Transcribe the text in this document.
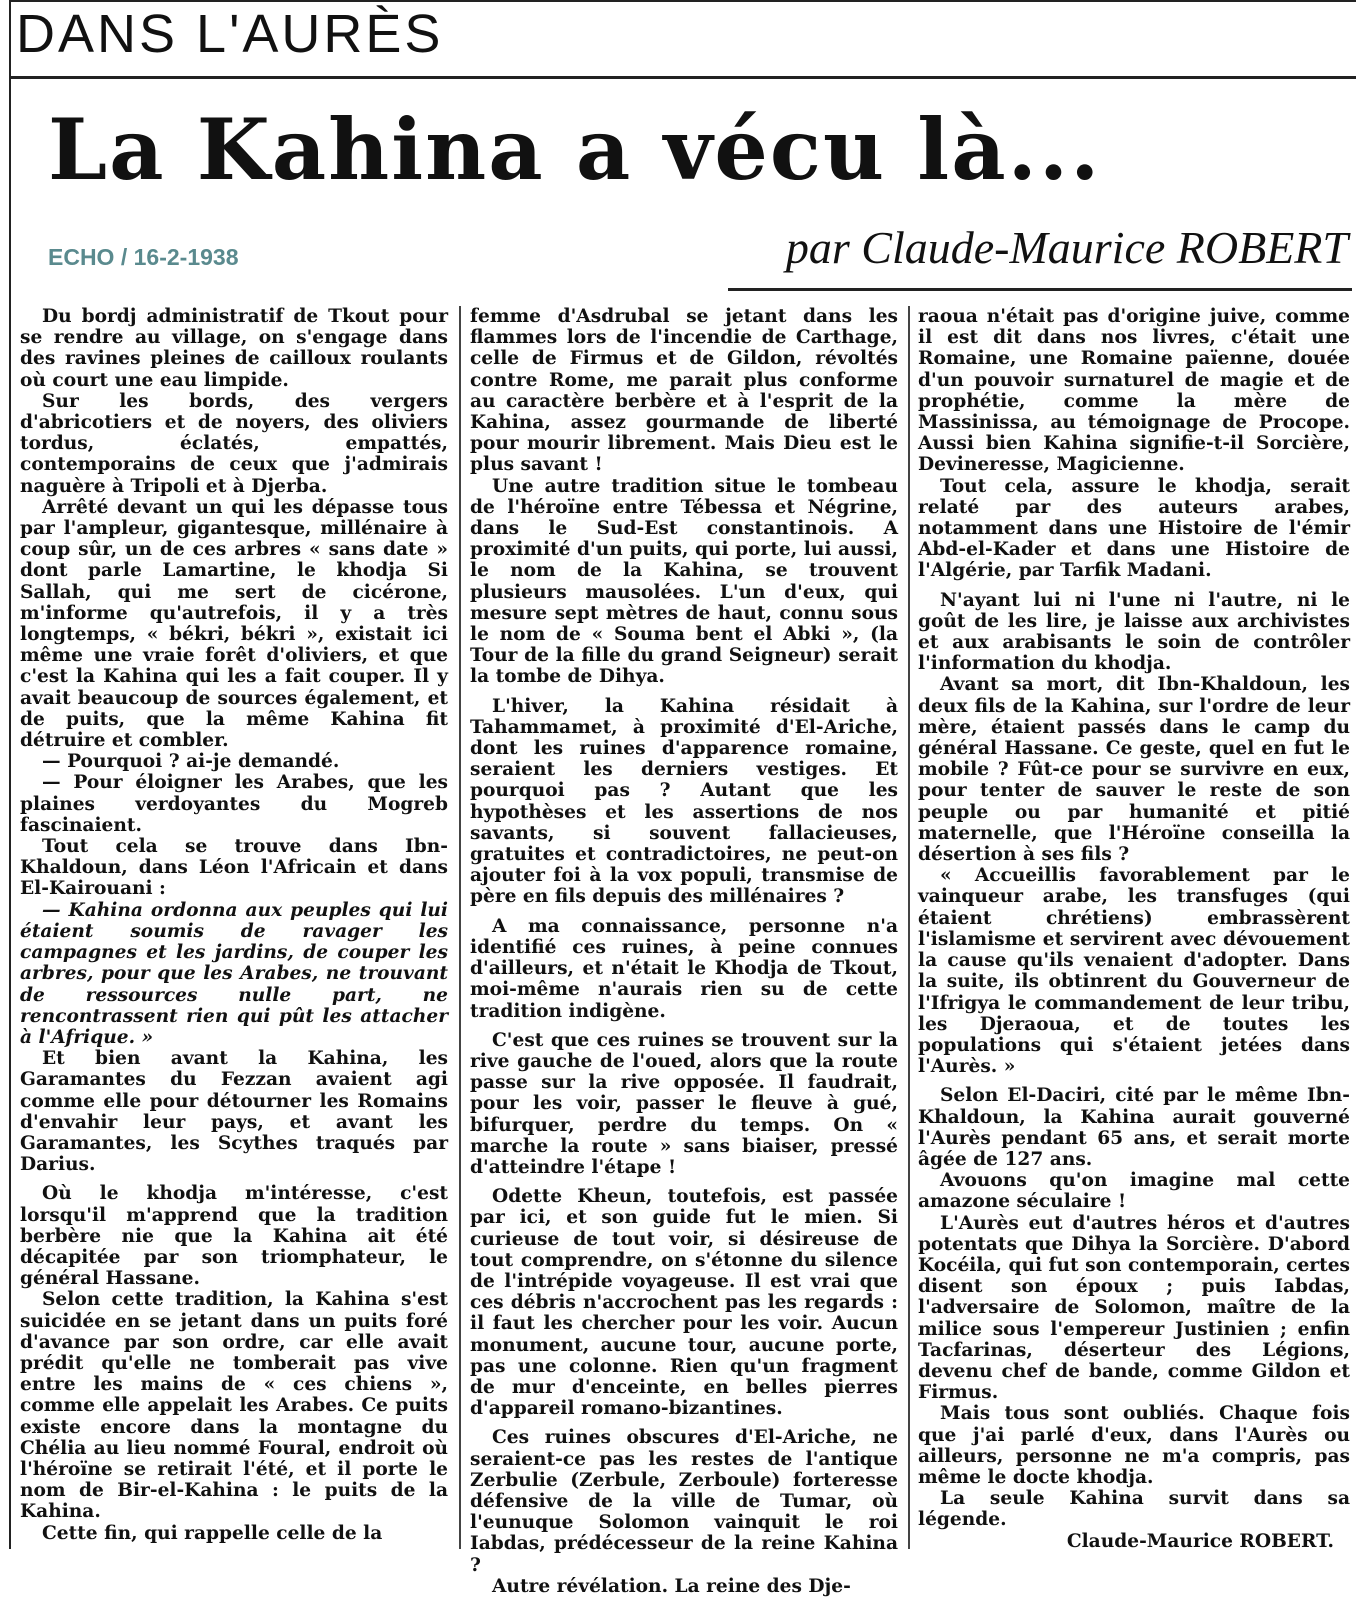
DANS L'AURÈS
La Kahina a vécu là...
ECHO / 16-2-1938	par Claude-Maurice ROBERT

Du bordj administratif de Tkout pour se rendre au village, on s'engage dans des ravines pleines de cailloux roulants où court une eau limpide.

Sur les bords, des vergers d'abricotiers et de noyers, des oliviers tordus, éclatés, empattés, contemporains de ceux que j'admirais naguère à Tripoli et à Djerba.

Arrêté devant un qui les dépasse tous par l'ampleur, gigantesque, millénaire à coup sûr, un de ces arbres « sans date » dont parle Lamartine, le khodja Si Sallah, qui me sert de cicérone, m'informe qu'autrefois, il y a très longtemps, « békri, békri », existait ici même une vraie forêt d'oliviers, et que c'est la Kahina qui les a fait couper. Il y avait beaucoup de sources également, et de puits, que la même Kahina fit détruire et combler.

— Pourquoi ? ai-je demandé.

— Pour éloigner les Arabes, que les plaines verdoyantes du Mogreb fascinaient.

Tout cela se trouve dans Ibn-Khaldoun, dans Léon l'Africain et dans El-Kairouani :

— Kahina ordonna aux peuples qui lui étaient soumis de ravager les campagnes et les jardins, de couper les arbres, pour que les Arabes, ne trouvant de ressources nulle part, ne rencontrassent rien qui pût les attacher à l'Afrique. »

Et bien avant la Kahina, les Garamantes du Fezzan avaient agi comme elle pour détourner les Romains d'envahir leur pays, et avant les Garamantes, les Scythes traqués par Darius.

Où le khodja m'intéresse, c'est lorsqu'il m'apprend que la tradition berbère nie que la Kahina ait été décapitée par son triomphateur, le général Hassane.

Selon cette tradition, la Kahina s'est suicidée en se jetant dans un puits foré d'avance par son ordre, car elle avait prédit qu'elle ne tomberait pas vive entre les mains de « ces chiens », comme elle appelait les Arabes. Ce puits existe encore dans la montagne du Chélia au lieu nommé Foural, endroit où l'héroïne se retirait l'été, et il porte le nom de Bir-el-Kahina : le puits de la Kahina.

Cette fin, qui rappelle celle de la

femme d'Asdrubal se jetant dans les flammes lors de l'incendie de Carthage, celle de Firmus et de Gildon, révoltés contre Rome, me parait plus conforme au caractère berbère et à l'esprit de la Kahina, assez gourmande de liberté pour mourir librement. Mais Dieu est le plus savant !

Une autre tradition situe le tombeau de l'héroïne entre Tébessa et Négrine, dans le Sud-Est constantinois. A proximité d'un puits, qui porte, lui aussi, le nom de la Kahina, se trouvent plusieurs mausolées. L'un d'eux, qui mesure sept mètres de haut, connu sous le nom de « Souma bent el Abki », (la Tour de la fille du grand Seigneur) serait la tombe de Dihya.

L'hiver, la Kahina résidait à Tahammamet, à proximité d'El-Ariche, dont les ruines d'apparence romaine, seraient les derniers vestiges. Et pourquoi pas ? Autant que les hypothèses et les assertions de nos savants, si souvent fallacieuses, gratuites et contradictoires, ne peut-on ajouter foi à la vox populi, transmise de père en fils depuis des millénaires ?

A ma connaissance, personne n'a identifié ces ruines, à peine connues d'ailleurs, et n'était le Khodja de Tkout, moi-même n'aurais rien su de cette tradition indigène.

C'est que ces ruines se trouvent sur la rive gauche de l'oued, alors que la route passe sur la rive opposée. Il faudrait, pour les voir, passer le fleuve à gué, bifurquer, perdre du temps. On « marche la route » sans biaiser, pressé d'atteindre l'étape !

Odette Kheun, toutefois, est passée par ici, et son guide fut le mien. Si curieuse de tout voir, si désireuse de tout comprendre, on s'étonne du silence de l'intrépide voyageuse. Il est vrai que ces débris n'accrochent pas les regards : il faut les chercher pour les voir. Aucun monument, aucune tour, aucune porte, pas une colonne. Rien qu'un fragment de mur d'enceinte, en belles pierres d'appareil romano-bizantines.

Ces ruines obscures d'El-Ariche, ne seraient-ce pas les restes de l'antique Zerbulie (Zerbule, Zerboule) forteresse défensive de la ville de Tumar, où l'eunuque Solomon vainquit le roi Iabdas, prédécesseur de la reine Kahina ?

Autre révélation. La reine des Dje-

raoua n'était pas d'origine juive, comme il est dit dans nos livres, c'était une Romaine, une Romaine païenne, douée d'un pouvoir surnaturel de magie et de prophétie, comme la mère de Massinissa, au témoignage de Procope. Aussi bien Kahina signifie-t-il Sorcière, Devineresse, Magicienne.

Tout cela, assure le khodja, serait relaté par des auteurs arabes, notamment dans une Histoire de l'émir Abd-el-Kader et dans une Histoire de l'Algérie, par Tarfik Madani.

N'ayant lui ni l'une ni l'autre, ni le goût de les lire, je laisse aux archivistes et aux arabisants le soin de contrôler l'information du khodja.

Avant sa mort, dit Ibn-Khaldoun, les deux fils de la Kahina, sur l'ordre de leur mère, étaient passés dans le camp du général Hassane. Ce geste, quel en fut le mobile ? Fût-ce pour se survivre en eux, pour tenter de sauver le reste de son peuple ou par humanité et pitié maternelle, que l'Héroïne conseilla la désertion à ses fils ?

« Accueillis favorablement par le vainqueur arabe, les transfuges (qui étaient chrétiens) embrassèrent l'islamisme et servirent avec dévouement la cause qu'ils venaient d'adopter. Dans la suite, ils obtinrent du Gouverneur de l'Ifrigya le commandement de leur tribu, les Djeraoua, et de toutes les populations qui s'étaient jetées dans l'Aurès. »

Selon El-Daciri, cité par le même Ibn-Khaldoun, la Kahina aurait gouverné l'Aurès pendant 65 ans, et serait morte âgée de 127 ans.

Avouons qu'on imagine mal cette amazone séculaire !

L'Aurès eut d'autres héros et d'autres potentats que Dihya la Sorcière. D'abord Kocéila, qui fut son contemporain, certes disent son époux ; puis Iabdas, l'adversaire de Solomon, maître de la milice sous l'empereur Justinien ; enfin Tacfarinas, déserteur des Légions, devenu chef de bande, comme Gildon et Firmus.

Mais tous sont oubliés. Chaque fois que j'ai parlé d'eux, dans l'Aurès ou ailleurs, personne ne m'a compris, pas même le docte khodja.

La seule Kahina survit dans sa légende.

Claude-Maurice ROBERT.
